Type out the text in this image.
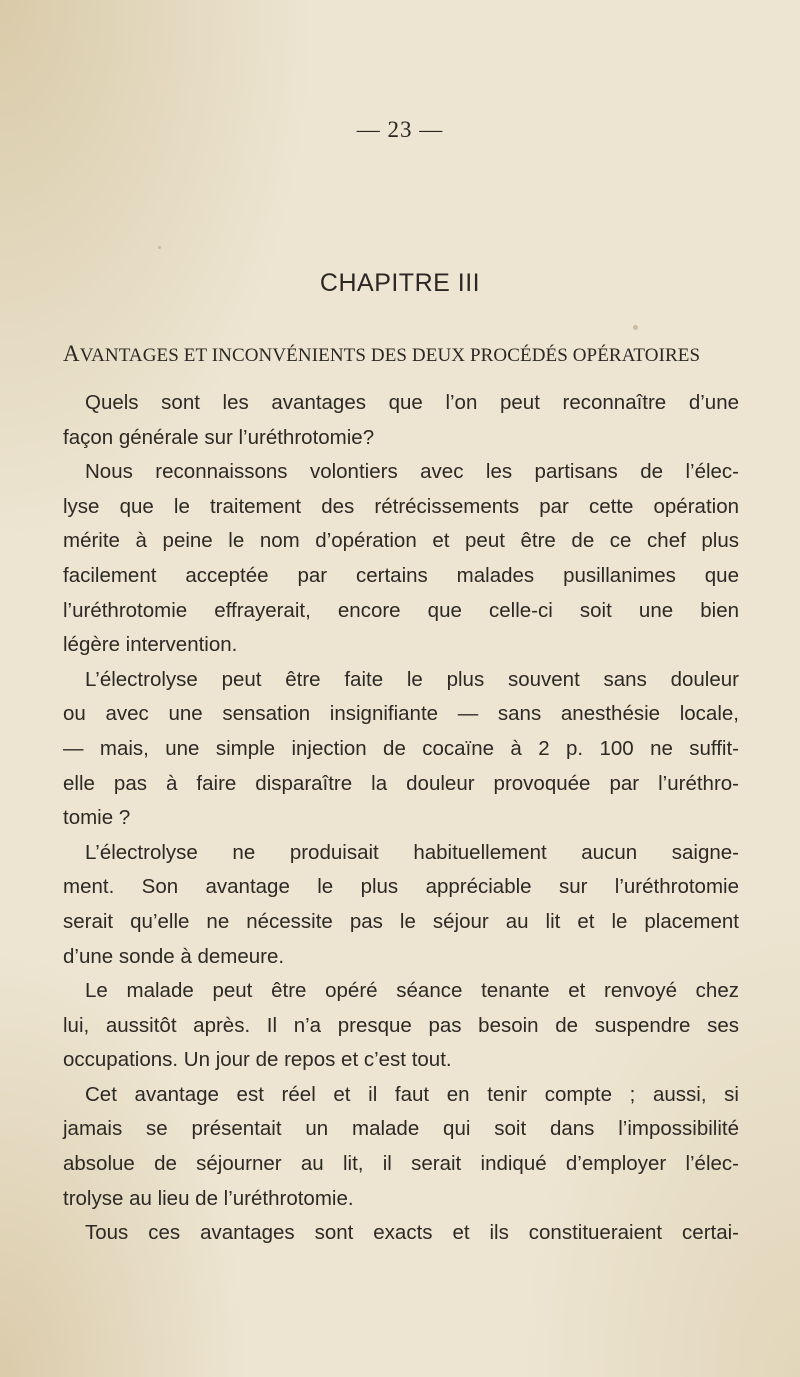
— 23 —
CHAPITRE III
AVANTAGES ET INCONVÉNIENTS DES DEUX PROCÉDÉS OPÉRATOIRES
Quels sont les avantages que l’on peut reconnaître d’une
façon générale sur l’uréthrotomie?
Nous reconnaissons volontiers avec les partisans de l’élec-
lyse que le traitement des rétrécissements par cette opération
mérite à peine le nom d’opération et peut être de ce chef plus
facilement acceptée par certains malades pusillanimes que
l’uréthrotomie effrayerait, encore que celle-ci soit une bien
légère intervention.
L’électrolyse peut être faite le plus souvent sans douleur
ou avec une sensation insignifiante — sans anesthésie locale,
— mais, une simple injection de cocaïne à 2 p. 100 ne suffit-
elle pas à faire disparaître la douleur provoquée par l’uréthro-
tomie ?
L’électrolyse ne produisait habituellement aucun saigne-
ment. Son avantage le plus appréciable sur l’uréthrotomie
serait qu’elle ne nécessite pas le séjour au lit et le placement
d’une sonde à demeure.
Le malade peut être opéré séance tenante et renvoyé chez
lui, aussitôt après. Il n’a presque pas besoin de suspendre ses
occupations. Un jour de repos et c’est tout.
Cet avantage est réel et il faut en tenir compte ; aussi, si
jamais se présentait un malade qui soit dans l’impossibilité
absolue de séjourner au lit, il serait indiqué d’employer l’élec-
trolyse au lieu de l’uréthrotomie.
Tous ces avantages sont exacts et ils constitueraient certai-
